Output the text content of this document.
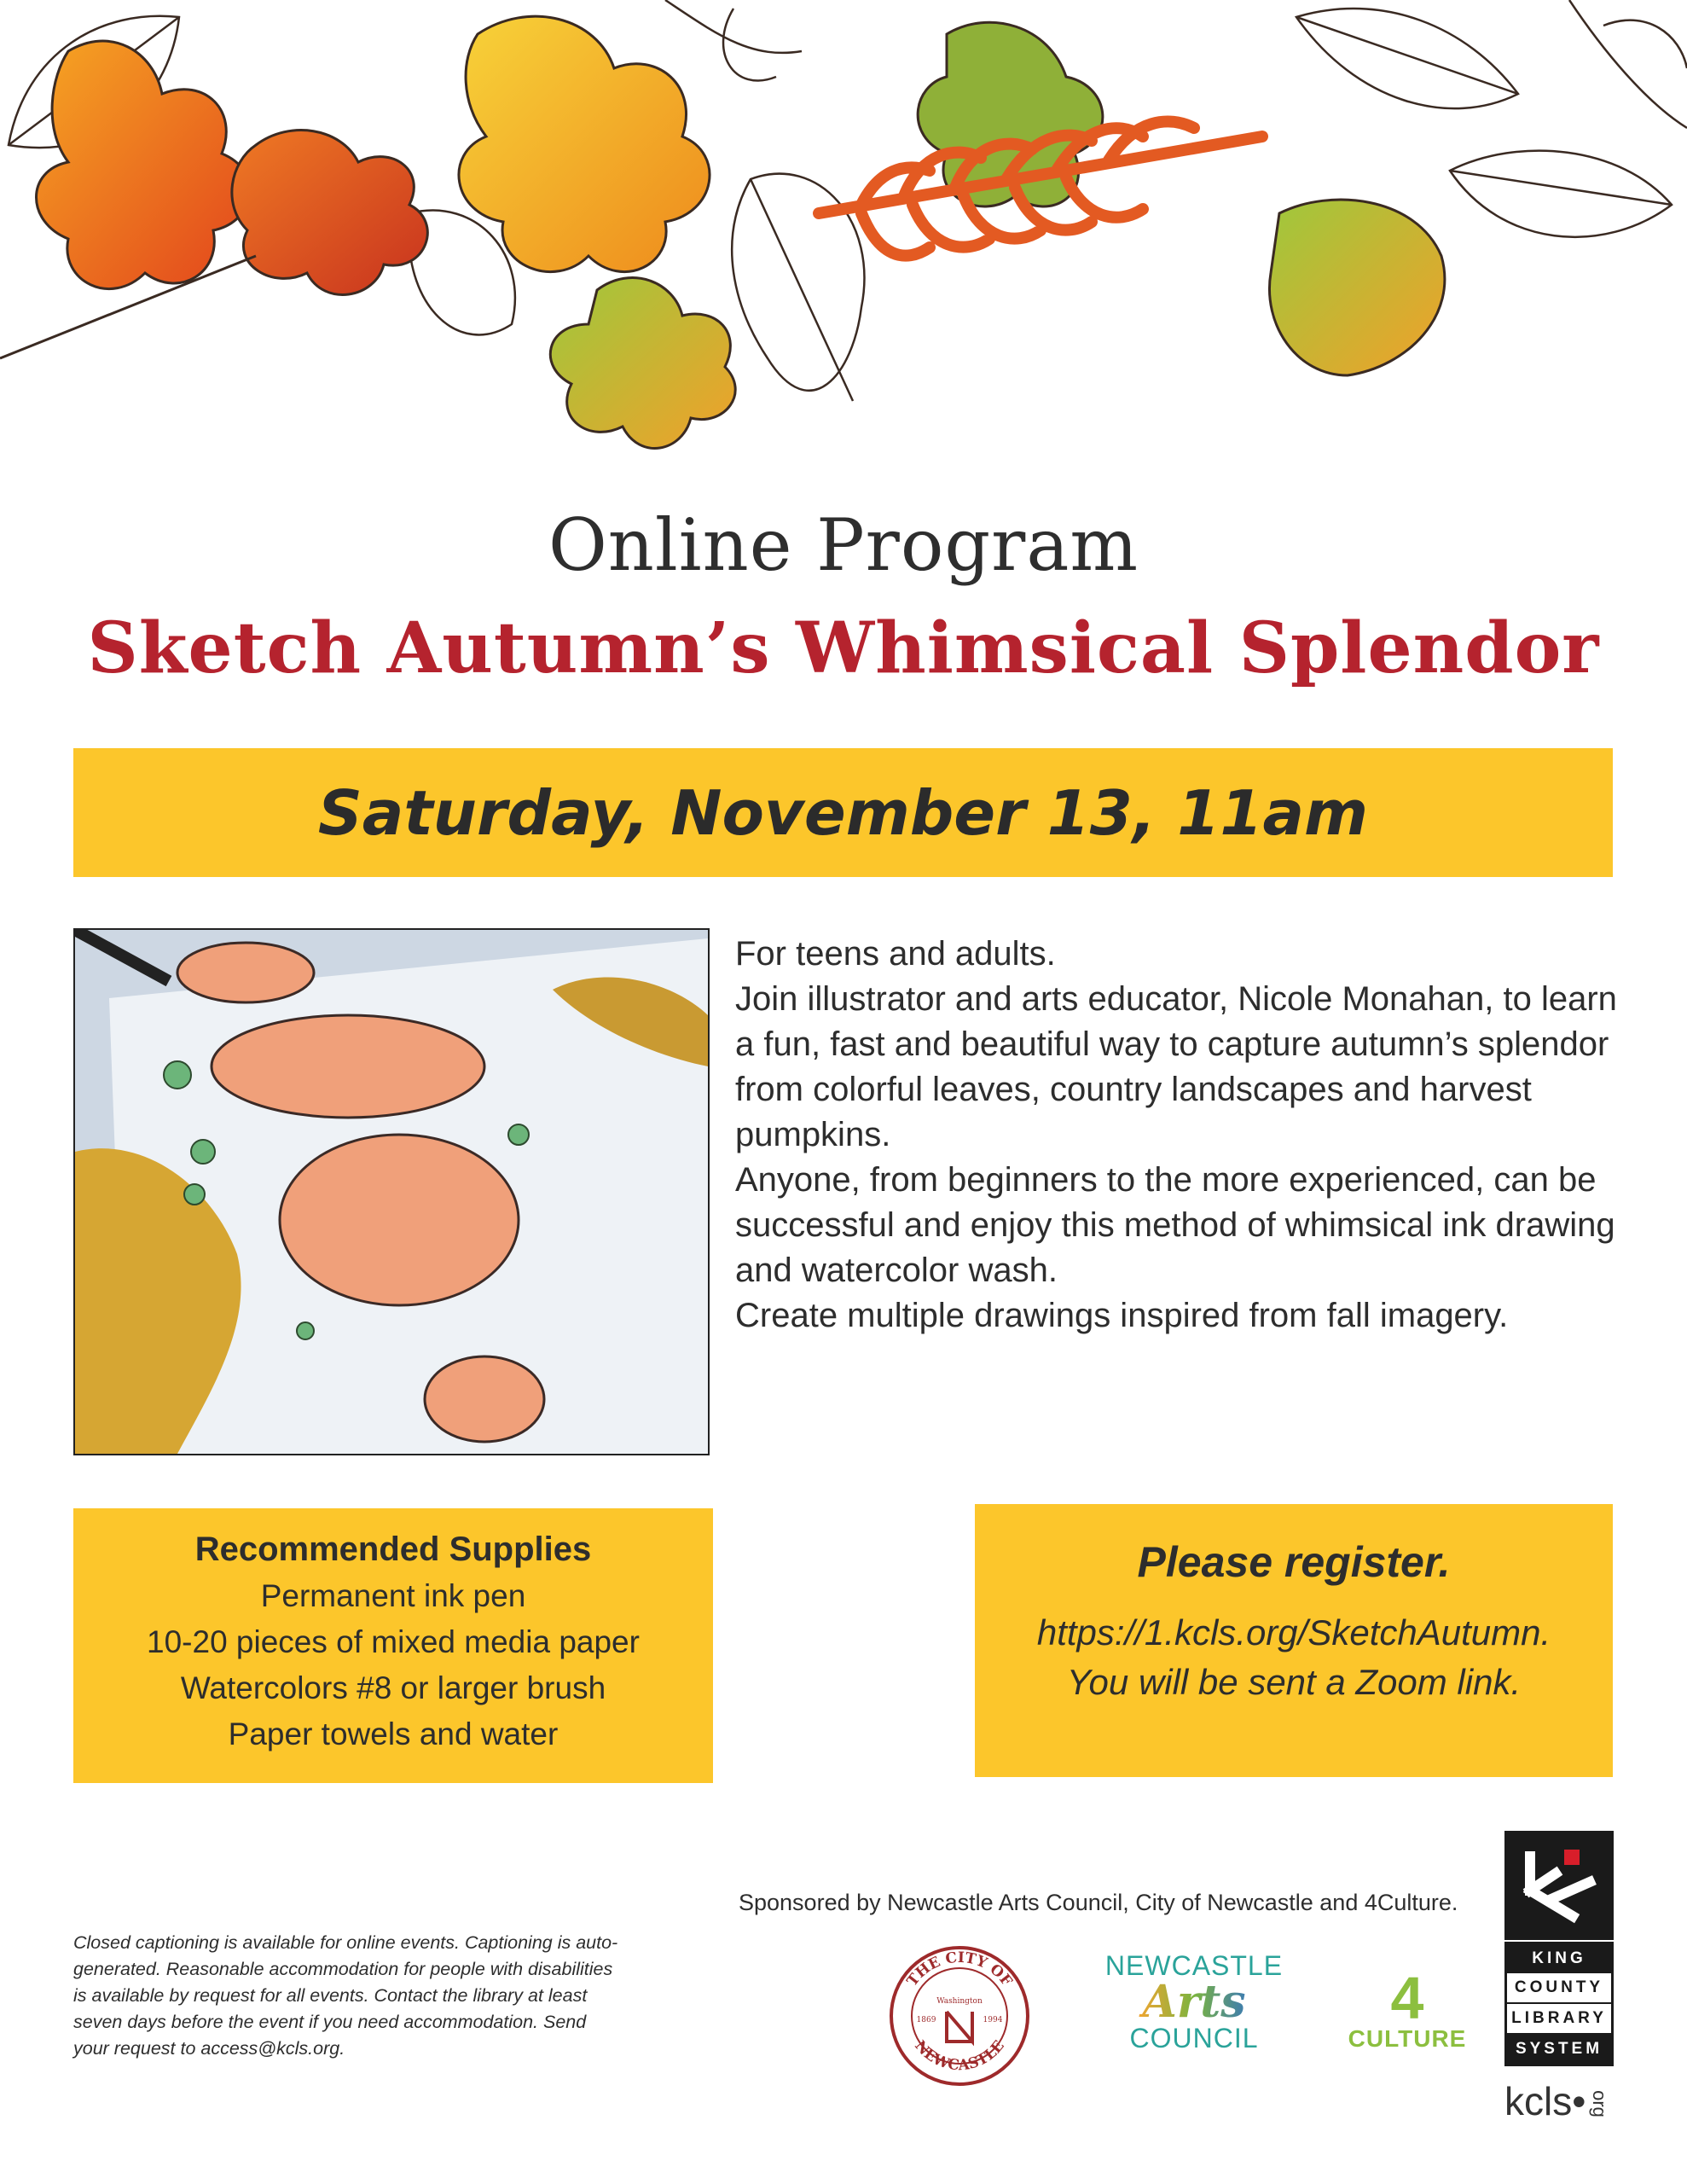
Online Program
Sketch Autumn’s Whimsical Splendor
Saturday, November 13, 11am

For teens and adults.

Join illustrator and arts educator, Nicole Monahan, to learn a fun, fast and beautiful way to capture autumn’s splendor from colorful leaves, country landscapes and harvest pumpkins.

Anyone, from beginners to the more experienced, can be successful and enjoy this method of whimsical ink drawing and watercolor wash.

Create multiple drawings inspired from fall imagery.

Recommended Supplies
Permanent ink pen
10-20 pieces of mixed media paper
Watercolors #8 or larger brush
Paper towels and water
Please register.
https://1.kcls.org/SketchAutumn.
You will be sent a Zoom link.
Sponsored by Newcastle Arts Council, City of Newcastle and 4Culture.
Closed captioning is available for online events. Captioning is auto-generated. Reasonable accommodation for people with disabilities is available by request for all events. Contact the library at least seven days before the event if you need accommodation. Send your request to access@kcls.org.
THE CITY OF
NEWCASTLE
Washington
1869	1994
NEWCASTLE
Arts
COUNCIL
4
CULTURE
KING
COUNTY
LIBRARY
SYSTEM
kcls• org
